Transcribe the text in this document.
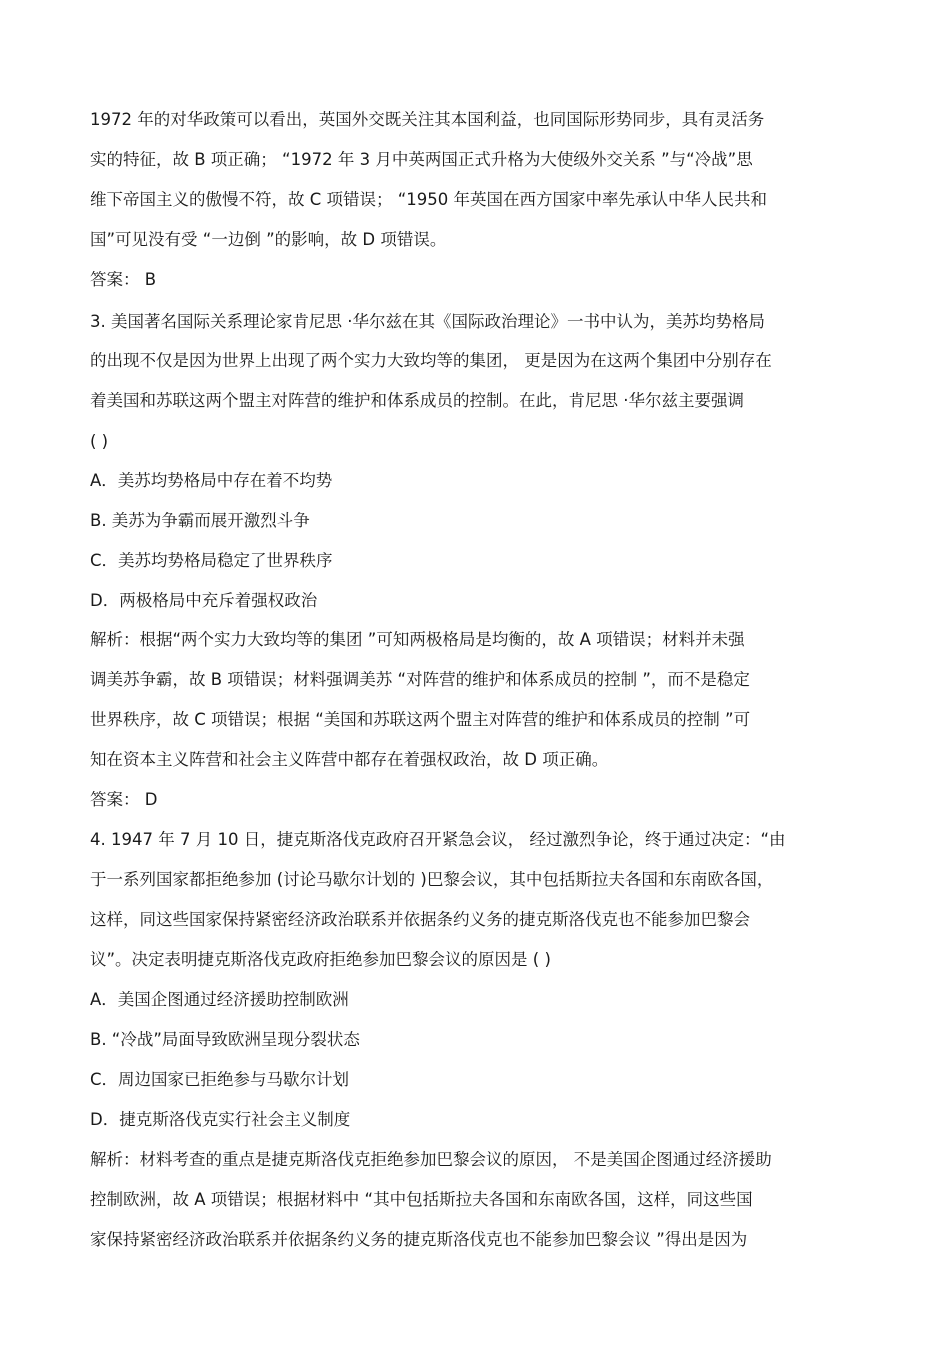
1972 年的对华政策可以看出，英国外交既关注其本国利益，也同国际形势同步，具有灵活务
实的特征，故 B 项正确； “1972 年 3 月中英两国正式升格为大使级外交关系 ”与“冷战”思
维下帝国主义的傲慢不符，故 C 项错误； “1950 年英国在西方国家中率先承认中华人民共和
国”可见没有受 “一边倒 ”的影响，故 D 项错误。
答案： B
3. 美国著名国际关系理论家肯尼思 ·华尔兹在其《国际政治理论》一书中认为，美苏均势格局
的出现不仅是因为世界上出现了两个实力大致均等的集团， 更是因为在这两个集团中分别存在
着美国和苏联这两个盟主对阵营的维护和体系成员的控制。在此，肯尼思 ·华尔兹主要强调
( )
A．美苏均势格局中存在着不均势
B. 美苏为争霸而展开激烈斗争
C．美苏均势格局稳定了世界秩序
D．两极格局中充斥着强权政治
解析：根据“两个实力大致均等的集团 ”可知两极格局是均衡的，故 A 项错误；材料并未强
调美苏争霸，故 B 项错误；材料强调美苏 “对阵营的维护和体系成员的控制 ”，而不是稳定
世界秩序，故 C 项错误；根据 “美国和苏联这两个盟主对阵营的维护和体系成员的控制 ”可
知在资本主义阵营和社会主义阵营中都存在着强权政治，故 D 项正确。
答案： D
4. 1947 年 7 月 10 日，捷克斯洛伐克政府召开紧急会议， 经过激烈争论，终于通过决定：“由
于一系列国家都拒绝参加 (讨论马歇尔计划的 )巴黎会议，其中包括斯拉夫各国和东南欧各国，
这样，同这些国家保持紧密经济政治联系并依据条约义务的捷克斯洛伐克也不能参加巴黎会
议”。决定表明捷克斯洛伐克政府拒绝参加巴黎会议的原因是 ( )
A．美国企图通过经济援助控制欧洲
B. “冷战”局面导致欧洲呈现分裂状态
C．周边国家已拒绝参与马歇尔计划
D．捷克斯洛伐克实行社会主义制度
解析：材料考查的重点是捷克斯洛伐克拒绝参加巴黎会议的原因， 不是美国企图通过经济援助
控制欧洲，故 A 项错误；根据材料中 “其中包括斯拉夫各国和东南欧各国，这样，同这些国
家保持紧密经济政治联系并依据条约义务的捷克斯洛伐克也不能参加巴黎会议 ”得出是因为
